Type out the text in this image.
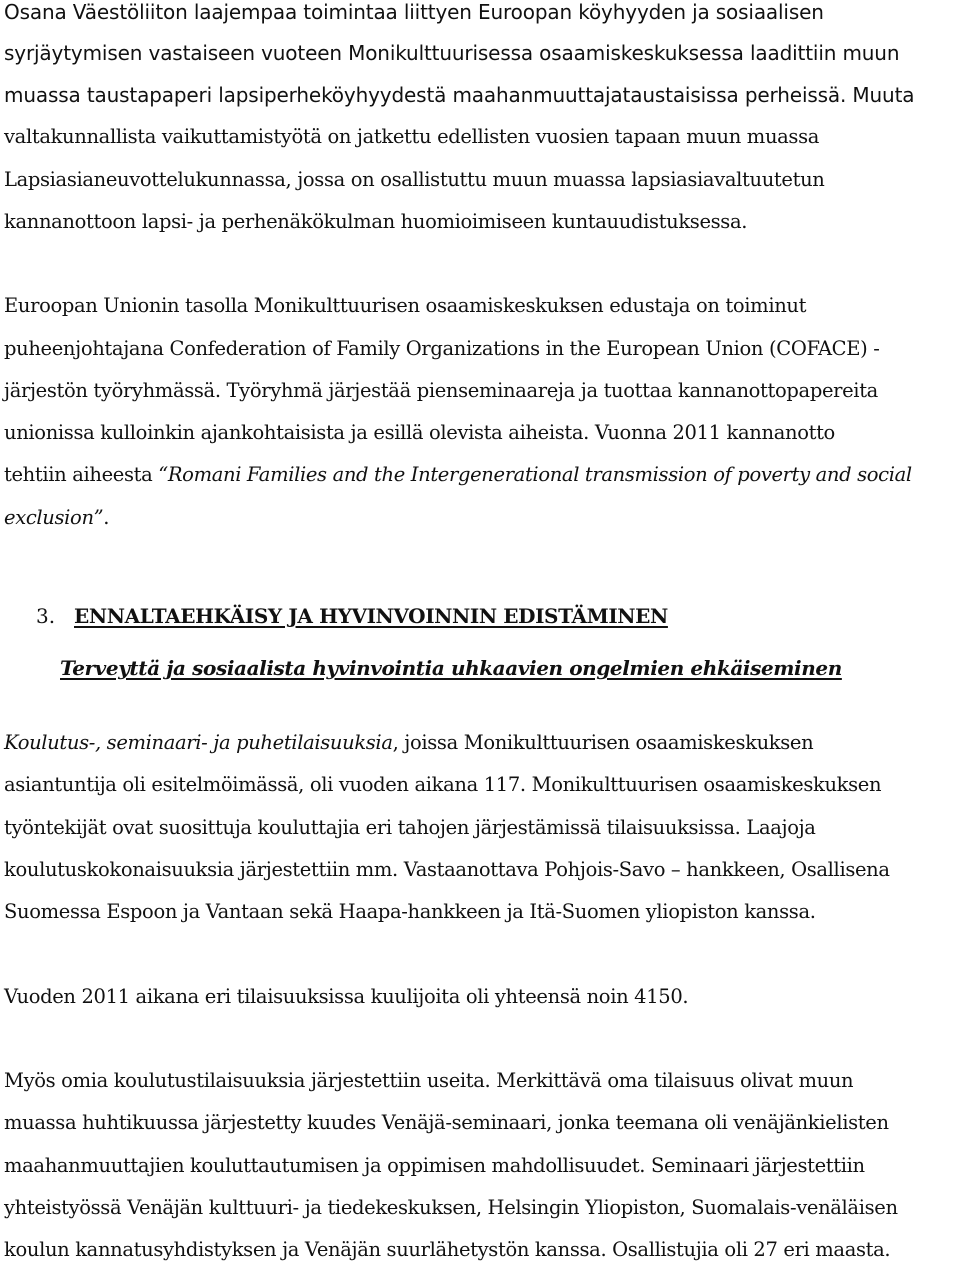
Osana Väestöliiton laajempaa toimintaa liittyen Euroopan köyhyyden ja sosiaalisen
syrjäytymisen vastaiseen vuoteen Monikulttuurisessa osaamiskeskuksessa laadittiin muun
muassa taustapaperi lapsiperheköyhyydestä maahanmuuttajataustaisissa perheissä. Muuta
valtakunnallista vaikuttamistyötä on jatkettu edellisten vuosien tapaan muun muassa
Lapsiasianeuvottelukunnassa, jossa on osallistuttu muun muassa lapsiasiavaltuutetun
kannanottoon lapsi- ja perhenäkökulman huomioimiseen kuntauudistuksessa.
Euroopan Unionin tasolla Monikulttuurisen osaamiskeskuksen edustaja on toiminut
puheenjohtajana Confederation of Family Organizations in the European Union (COFACE) -
järjestön työryhmässä. Työryhmä järjestää pienseminaareja ja tuottaa kannanottopapereita
unionissa kulloinkin ajankohtaisista ja esillä olevista aiheista. Vuonna 2011 kannanotto
tehtiin aiheesta “Romani Families and the Intergenerational transmission of poverty and social
exclusion”.
3. ENNALTAEHKÄISY JA HYVINVOINNIN EDISTÄMINEN
Terveyttä ja sosiaalista hyvinvointia uhkaavien ongelmien ehkäiseminen
Koulutus-, seminaari- ja puhetilaisuuksia, joissa Monikulttuurisen osaamiskeskuksen
asiantuntija oli esitelmöimässä, oli vuoden aikana 117. Monikulttuurisen osaamiskeskuksen
työntekijät ovat suosittuja kouluttajia eri tahojen järjestämissä tilaisuuksissa. Laajoja
koulutuskokonaisuuksia järjestettiin mm. Vastaanottava Pohjois-Savo – hankkeen, Osallisena
Suomessa Espoon ja Vantaan sekä Haapa-hankkeen ja Itä-Suomen yliopiston kanssa.
Vuoden 2011 aikana eri tilaisuuksissa kuulijoita oli yhteensä noin 4150.
Myös omia koulutustilaisuuksia järjestettiin useita. Merkittävä oma tilaisuus olivat muun
muassa huhtikuussa järjestetty kuudes Venäjä-seminaari, jonka teemana oli venäjänkielisten
maahanmuuttajien kouluttautumisen ja oppimisen mahdollisuudet. Seminaari järjestettiin
yhteistyössä Venäjän kulttuuri- ja tiedekeskuksen, Helsingin Yliopiston, Suomalais-venäläisen
koulun kannatusyhdistyksen ja Venäjän suurlähetystön kanssa. Osallistujia oli 27 eri maasta.
